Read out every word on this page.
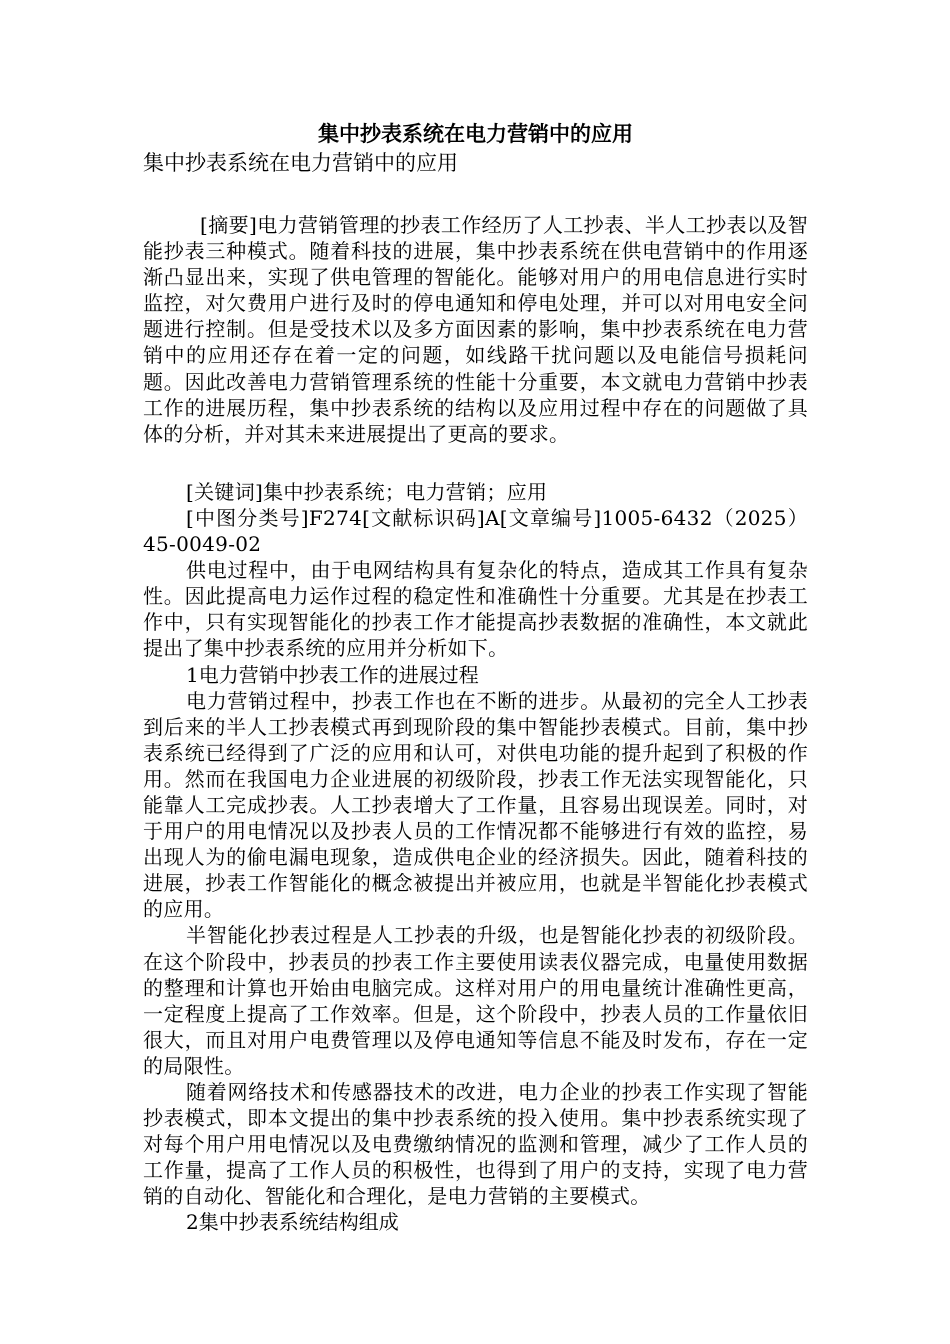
集中抄表系统在电力营销中的应用
集中抄表系统在电力营销中的应用

[摘要]电力营销管理的抄表工作经历了人工抄表、半人工抄表以及智能抄表三种模式。随着科技的进展，集中抄表系统在供电营销中的作用逐渐凸显出来，实现了供电管理的智能化。能够对用户的用电信息进行实时监控，对欠费用户进行及时的停电通知和停电处理，并可以对用电安全问题进行控制。但是受技术以及多方面因素的影响，集中抄表系统在电力营销中的应用还存在着一定的问题，如线路干扰问题以及电能信号损耗问题。因此改善电力营销管理系统的性能十分重要，本文就电力营销中抄表工作的进展历程，集中抄表系统的结构以及应用过程中存在的问题做了具体的分析，并对其未来进展提出了更高的要求。

[关键词]集中抄表系统；电力营销；应用

[中图分类号]F274[文献标识码]A[文章编号]1005-6432（2025）45-0049-02

供电过程中，由于电网结构具有复杂化的特点，造成其工作具有复杂性。因此提高电力运作过程的稳定性和准确性十分重要。尤其是在抄表工作中，只有实现智能化的抄表工作才能提高抄表数据的准确性，本文就此提出了集中抄表系统的应用并分析如下。

1电力营销中抄表工作的进展过程

电力营销过程中，抄表工作也在不断的进步。从最初的完全人工抄表到后来的半人工抄表模式再到现阶段的集中智能抄表模式。目前，集中抄表系统已经得到了广泛的应用和认可，对供电功能的提升起到了积极的作用。然而在我国电力企业进展的初级阶段，抄表工作无法实现智能化，只能靠人工完成抄表。人工抄表增大了工作量，且容易出现误差。同时，对于用户的用电情况以及抄表人员的工作情况都不能够进行有效的监控，易出现人为的偷电漏电现象，造成供电企业的经济损失。因此，随着科技的进展，抄表工作智能化的概念被提出并被应用，也就是半智能化抄表模式的应用。

半智能化抄表过程是人工抄表的升级，也是智能化抄表的初级阶段。在这个阶段中，抄表员的抄表工作主要使用读表仪器完成，电量使用数据的整理和计算也开始由电脑完成。这样对用户的用电量统计准确性更高，一定程度上提高了工作效率。但是，这个阶段中，抄表人员的工作量依旧很大，而且对用户电费管理以及停电通知等信息不能及时发布，存在一定的局限性。

随着网络技术和传感器技术的改进，电力企业的抄表工作实现了智能抄表模式，即本文提出的集中抄表系统的投入使用。集中抄表系统实现了对每个用户用电情况以及电费缴纳情况的监测和管理，减少了工作人员的工作量，提高了工作人员的积极性，也得到了用户的支持，实现了电力营销的自动化、智能化和合理化，是电力营销的主要模式。

2集中抄表系统结构组成
